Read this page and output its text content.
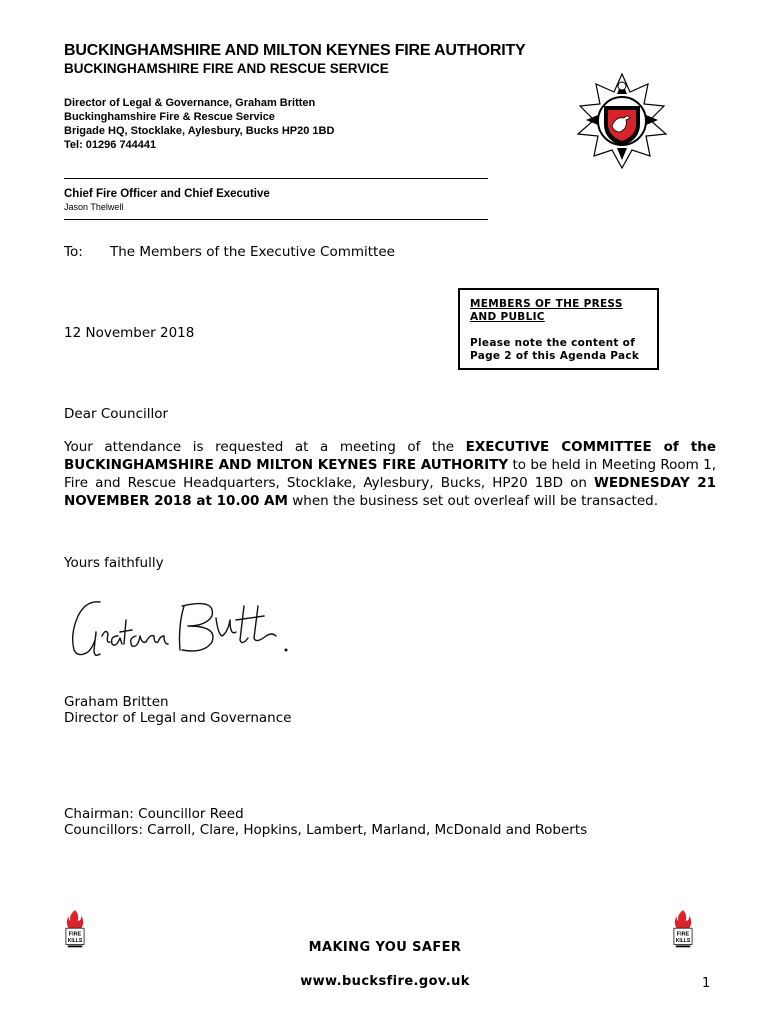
BUCKINGHAMSHIRE AND MILTON KEYNES FIRE AUTHORITY
BUCKINGHAMSHIRE FIRE AND RESCUE SERVICE
Director of Legal & Governance, Graham Britten
Buckinghamshire Fire & Rescue Service
Brigade HQ, Stocklake, Aylesbury, Bucks HP20 1BD
Tel: 01296 744441
Chief Fire Officer and Chief Executive
Jason Thelwell
To: The Members of the Executive Committee
12 November 2018
MEMBERS OF THE PRESS
AND PUBLIC
Please note the content of
Page 2 of this Agenda Pack
Dear Councillor
Your attendance is requested at a meeting of the EXECUTIVE COMMITTEE of the BUCKINGHAMSHIRE AND MILTON KEYNES FIRE AUTHORITY to be held in Meeting Room 1, Fire and Rescue Headquarters, Stocklake, Aylesbury, Bucks, HP20 1BD on WEDNESDAY 21 NOVEMBER 2018 at 10.00 AM when the business set out overleaf will be transacted.
Yours faithfully
Graham Britten
Director of Legal and Governance
Chairman: Councillor Reed
Councillors: Carroll, Clare, Hopkins, Lambert, Marland, McDonald and Roberts
FIRE
KILLS
FIRE
KILLS
MAKING YOU SAFER
www.bucksfire.gov.uk	1
